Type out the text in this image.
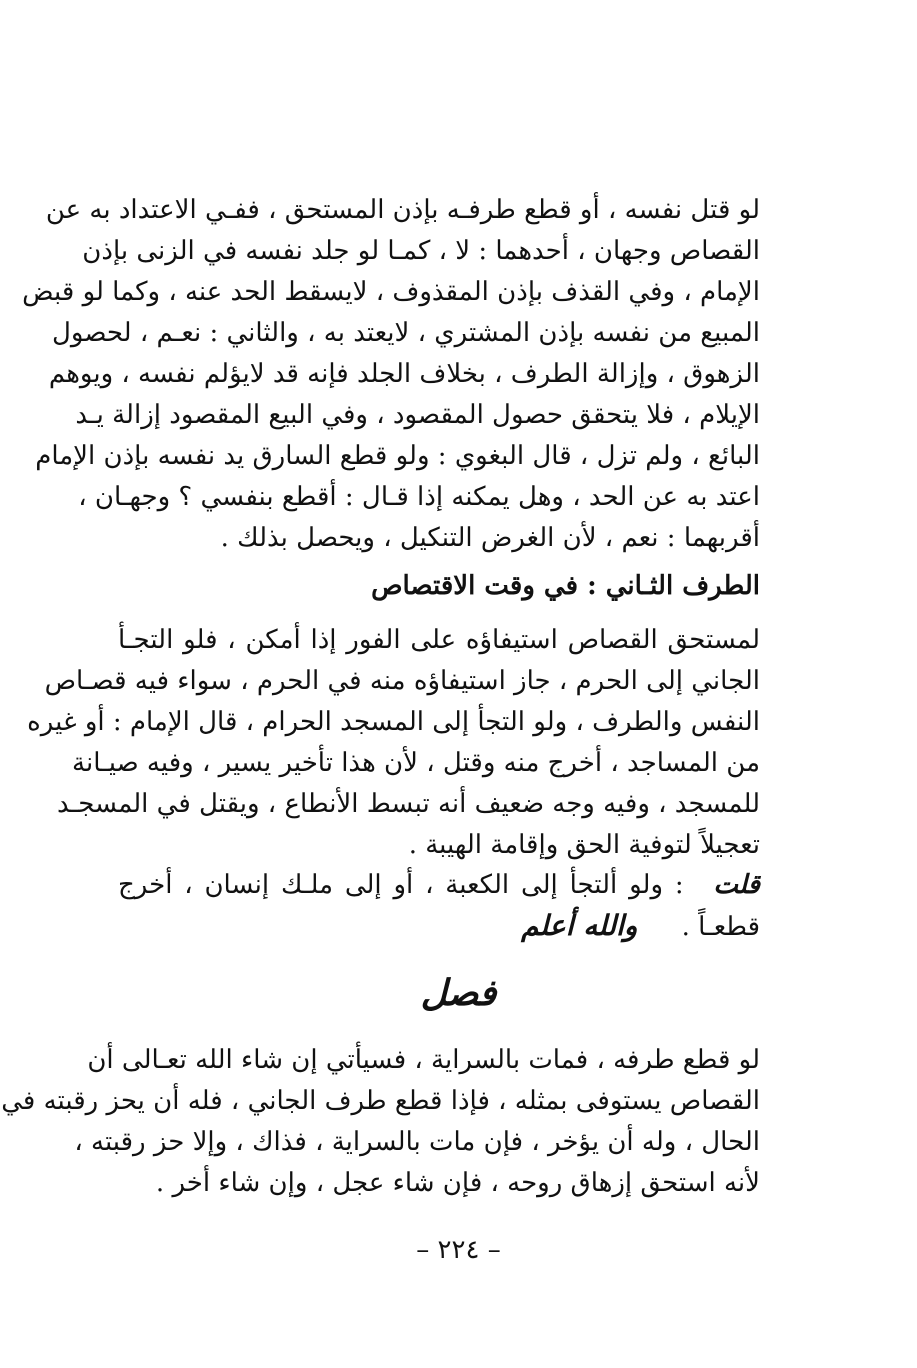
لو قتل نفسه ، أو قطع طرفـه بإذن المستحق ، ففـي الاعتداد به عن
القصاص وجهان ، أحدهما : لا ، كمـا لو جلد نفسه في الزنى بإذن
الإمام ، وفي القذف بإذن المقذوف ، لايسقط الحد عنه ، وكما لو قبض
المبيع من نفسه بإذن المشتري ، لايعتد به ، والثاني : نعـم ، لحصول
الزهوق ، وإزالة الطرف ، بخلاف الجلد فإنه قد لايؤلم نفسه ، ويوهم
الإيلام ، فلا يتحقق حصول المقصود ، وفي البيع المقصود إزالة يـد
البائع ، ولم تزل ، قال البغوي : ولو قطع السارق يد نفسه بإذن الإمام
اعتد به عن الحد ، وهل يمكنه إذا قـال : أقطع بنفسي ؟ وجهـان ،
أقربهما : نعم ، لأن الغرض التنكيل ، ويحصل بذلك .
الطرف الثـاني : في وقت الاقتصاص
لمستحق القصاص استيفاؤه على الفور إذا أمكن ، فلو التجـأ
الجاني إلى الحرم ، جاز استيفاؤه منه في الحرم ، سواء فيه قصـاص
النفس والطرف ، ولو التجأ إلى المسجد الحرام ، قال الإمام : أو غيره
من المساجد ، أخرج منه وقتل ، لأن هذا تأخير يسير ، وفيه صيـانة
للمسجد ، وفيه وجه ضعيف أنه تبسط الأنطاع ، ويقتل في المسجـد
تعجيلاً لتوفية الحق وإقامة الهيبة .
قلت : ولو ألتجأ إلى الكعبة ، أو إلى ملـك إنسان ، أخرج
قطعـاً . والله أعلم
فصل
لو قطع طرفه ، فمات بالسراية ، فسيأتي إن شاء الله تعـالى أن
القصاص يستوفى بمثله ، فإذا قطع طرف الجاني ، فله أن يحز رقبته في
الحال ، وله أن يؤخر ، فإن مات بالسراية ، فذاك ، وإلا حز رقبته ،
لأنه استحق إزهاق روحه ، فإن شاء عجل ، وإن شاء أخر .
– ٢٢٤ –
